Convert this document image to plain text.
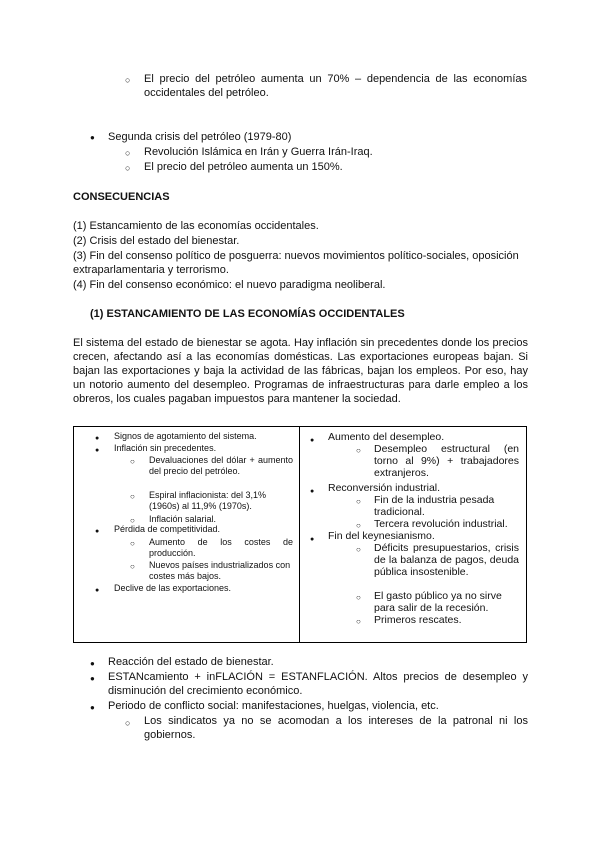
○ El precio del petróleo aumenta un 70% – dependencia de las economías occidentales del petróleo.
● Segunda crisis del petróleo (1979-80)
○ Revolución Islámica en Irán y Guerra Irán-Iraq.
○ El precio del petróleo aumenta un 150%.
CONSECUENCIAS
(1) Estancamiento de las economías occidentales.
(2) Crisis del estado del bienestar.
(3) Fin del consenso político de posguerra: nuevos movimientos político-sociales, oposición extraparlamentaria y terrorismo.
(4) Fin del consenso económico: el nuevo paradigma neoliberal.
(1) ESTANCAMIENTO DE LAS ECONOMÍAS OCCIDENTALES
El sistema del estado de bienestar se agota. Hay inflación sin precedentes donde los precios crecen, afectando así a las economías domésticas. Las exportaciones europeas bajan. Si bajan las exportaciones y baja la actividad de las fábricas, bajan los empleos. Por eso, hay un notorio aumento del desempleo. Programas de infraestructuras para darle empleo a los obreros, los cuales pagaban impuestos para mantener la sociedad.
● Signos de agotamiento del sistema.
● Inflación sin precedentes.
○ Devaluaciones del dólar + aumento del precio del petróleo.
○ Espiral inflacionista: del 3,1% (1960s) al 11,9% (1970s).
○ Inflación salarial.
● Pérdida de competitividad.
○ Aumento de los costes de producción.
○ Nuevos países industrializados con costes más bajos.
● Declive de las exportaciones.
● Aumento del desempleo.
○ Desempleo estructural (en torno al 9%) + trabajadores extranjeros.
● Reconversión industrial.
○ Fin de la industria pesada tradicional.
○ Tercera revolución industrial.
● Fin del keynesianismo.
○ Déficits presupuestarios, crisis de la balanza de pagos, deuda pública insostenible.
○ El gasto público ya no sirve para salir de la recesión.
○ Primeros rescates.
● Reacción del estado de bienestar.
● ESTANcamiento + inFLACIÓN = ESTANFLACIÓN. Altos precios de desempleo y disminución del crecimiento económico.
● Periodo de conflicto social: manifestaciones, huelgas, violencia, etc.
○ Los sindicatos ya no se acomodan a los intereses de la patronal ni los gobiernos.
